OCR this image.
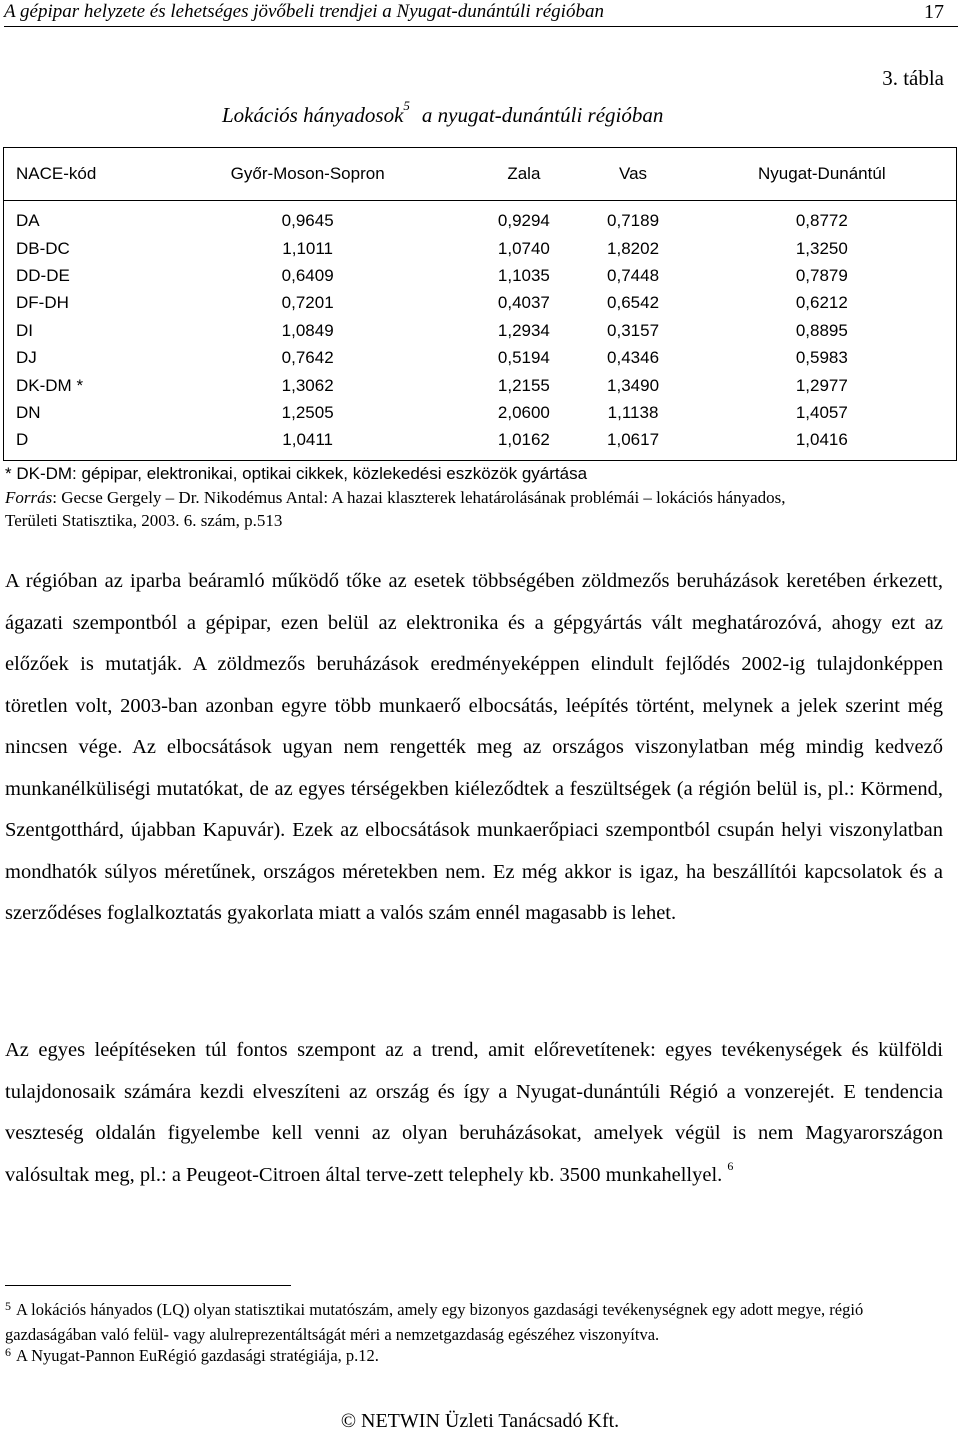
A gépipar helyzete és lehetséges jövőbeli trendjei a Nyugat-dunántúli régióban	17
3. tábla
Lokációs hányadosok$^5$ a nyugat-dunántúli régióban
NACE-kód	Győr-Moson-Sopron	Zala	Vas	Nyugat-Dunántúl
DA	0,9645	0,9294	0,7189	0,8772
DB-DC	1,1011	1,0740	1,8202	1,3250
DD-DE	0,6409	1,1035	0,7448	0,7879
DF-DH	0,7201	0,4037	0,6542	0,6212
DI	1,0849	1,2934	0,3157	0,8895
DJ	0,7642	0,5194	0,4346	0,5983
DK-DM *	1,3062	1,2155	1,3490	1,2977
DN	1,2505	2,0600	1,1138	1,4057
D	1,0411	1,0162	1,0617	1,0416
* DK-DM: gépipar, elektronikai, optikai cikkek, közlekedési eszközök gyártása
Forrás: Gecse Gergely – Dr. Nikodémus Antal: A hazai klaszterek lehatárolásának problémái – lokációs hányados,
Területi Statisztika, 2003. 6. szám, p.513

A régióban az iparba beáramló működő tőke az esetek többségében zöldmezős beruházások keretében érkezett, ágazati szempontból a gépipar, ezen belül az elektronika és a gépgyártás vált meghatározóvá, ahogy ezt az előzőek is mutatják. A zöldmezős beruházások eredményeképpen elindult fejlődés 2002-ig tulajdonképpen töretlen volt, 2003-ban azonban egyre több munkaerő elbocsátás, leépítés történt, melynek a jelek szerint még nincsen vége. Az elbocsátások ugyan nem rengették meg az országos viszonylatban még mindig kedvező munkanélküliségi mutatókat, de az egyes térségekben kiéleződtek a feszültségek (a régión belül is, pl.: Körmend, Szentgotthárd, újabban Kapuvár). Ezek az elbocsátások munkaerőpiaci szempontból csupán helyi viszonylatban mondhatók súlyos méretűnek, országos méretekben nem. Ez még akkor is igaz, ha beszállítói kapcsolatok és a szerződéses foglalkoztatás gyakorlata miatt a valós szám ennél magasabb is lehet.

Az egyes leépítéseken túl fontos szempont az a trend, amit előrevetítenek: egyes tevékenységek és külföldi tulajdonosaik számára kezdi elveszíteni az ország és így a Nyugat-dunántúli Régió a vonzerejét. E tendencia veszteség oldalán figyelembe kell venni az olyan beruházásokat, amelyek végül is nem Magyarországon valósultak meg, pl.: a Peugeot-Citroen által terve-zett telephely kb. 3500 munkahellyel. $^6$

$^5$ A lokációs hányados (LQ) olyan statisztikai mutatószám, amely egy bizonyos gazdasági tevékenységnek egy adott megye, régió gazdaságában való felül- vagy alulreprezentáltságát méri a nemzetgazdaság egészéhez viszonyítva.

$^6$ A Nyugat-Pannon EuRégió gazdasági stratégiája, p.12.

© NETWIN Üzleti Tanácsadó Kft.
